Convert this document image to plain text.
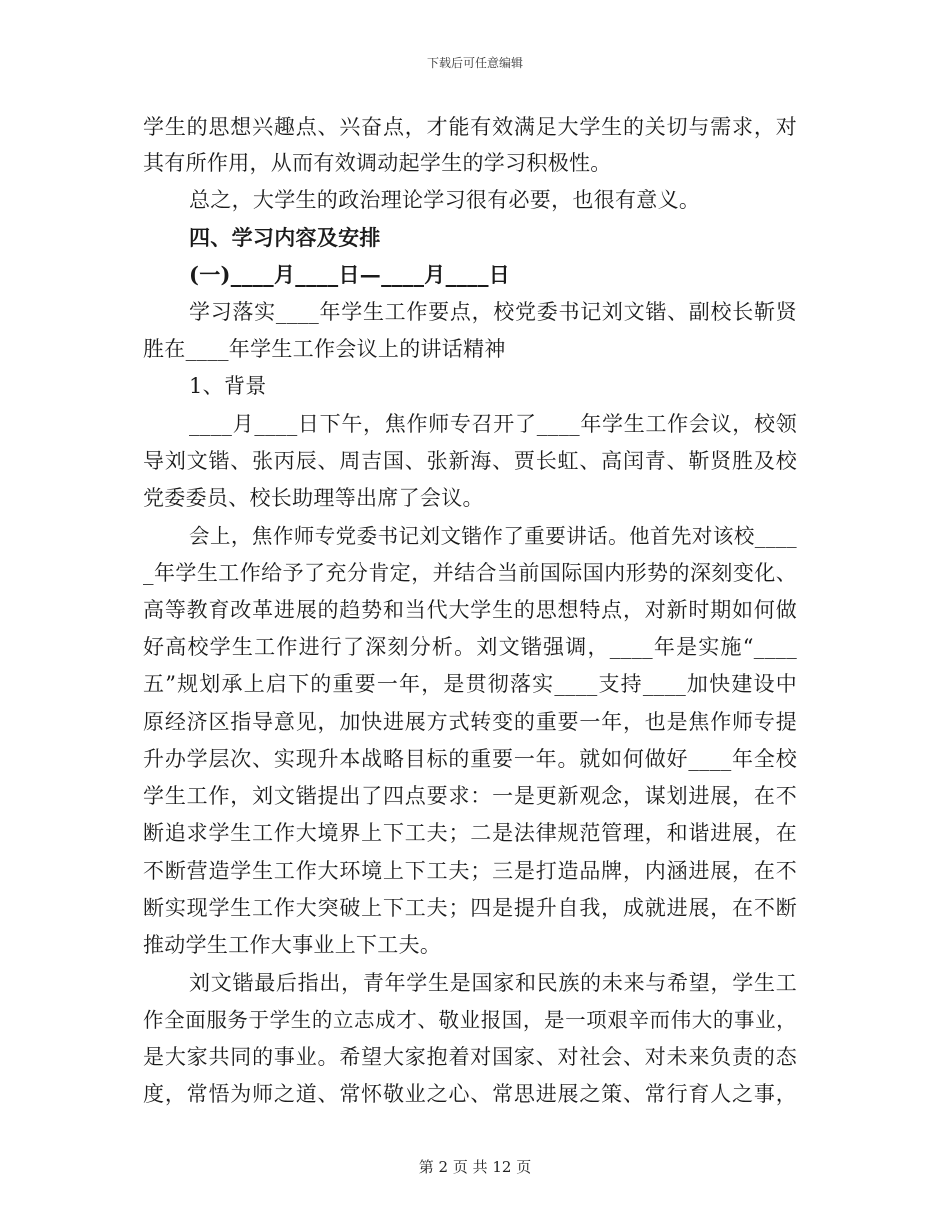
下载后可任意编辑
学生的思想兴趣点、兴奋点，才能有效满足大学生的关切与需求，对
其有所作用，从而有效调动起学生的学习积极性。
总之，大学生的政治理论学习很有必要，也很有意义。
四、学习内容及安排
(一)____月____日—____月____日
学习落实____年学生工作要点，校党委书记刘文锴、副校长靳贤
胜在____年学生工作会议上的讲话精神
1、背景
____月____日下午，焦作师专召开了____年学生工作会议，校领
导刘文锴、张丙辰、周吉国、张新海、贾长虹、高闰青、靳贤胜及校
党委委员、校长助理等出席了会议。
会上，焦作师专党委书记刘文锴作了重要讲话。他首先对该校____
_年学生工作给予了充分肯定，并结合当前国际国内形势的深刻变化、
高等教育改革进展的趋势和当代大学生的思想特点，对新时期如何做
好高校学生工作进行了深刻分析。刘文锴强调，____年是实施“____
五”规划承上启下的重要一年，是贯彻落实____支持____加快建设中
原经济区指导意见，加快进展方式转变的重要一年，也是焦作师专提
升办学层次、实现升本战略目标的重要一年。就如何做好____年全校
学生工作，刘文锴提出了四点要求：一是更新观念，谋划进展，在不
断追求学生工作大境界上下工夫；二是法律规范管理，和谐进展，在
不断营造学生工作大环境上下工夫；三是打造品牌，内涵进展，在不
断实现学生工作大突破上下工夫；四是提升自我，成就进展，在不断
推动学生工作大事业上下工夫。
刘文锴最后指出，青年学生是国家和民族的未来与希望，学生工
作全面服务于学生的立志成才、敬业报国，是一项艰辛而伟大的事业，
是大家共同的事业。希望大家抱着对国家、对社会、对未来负责的态
度，常悟为师之道、常怀敬业之心、常思进展之策、常行育人之事，
第 2 页 共 12 页
